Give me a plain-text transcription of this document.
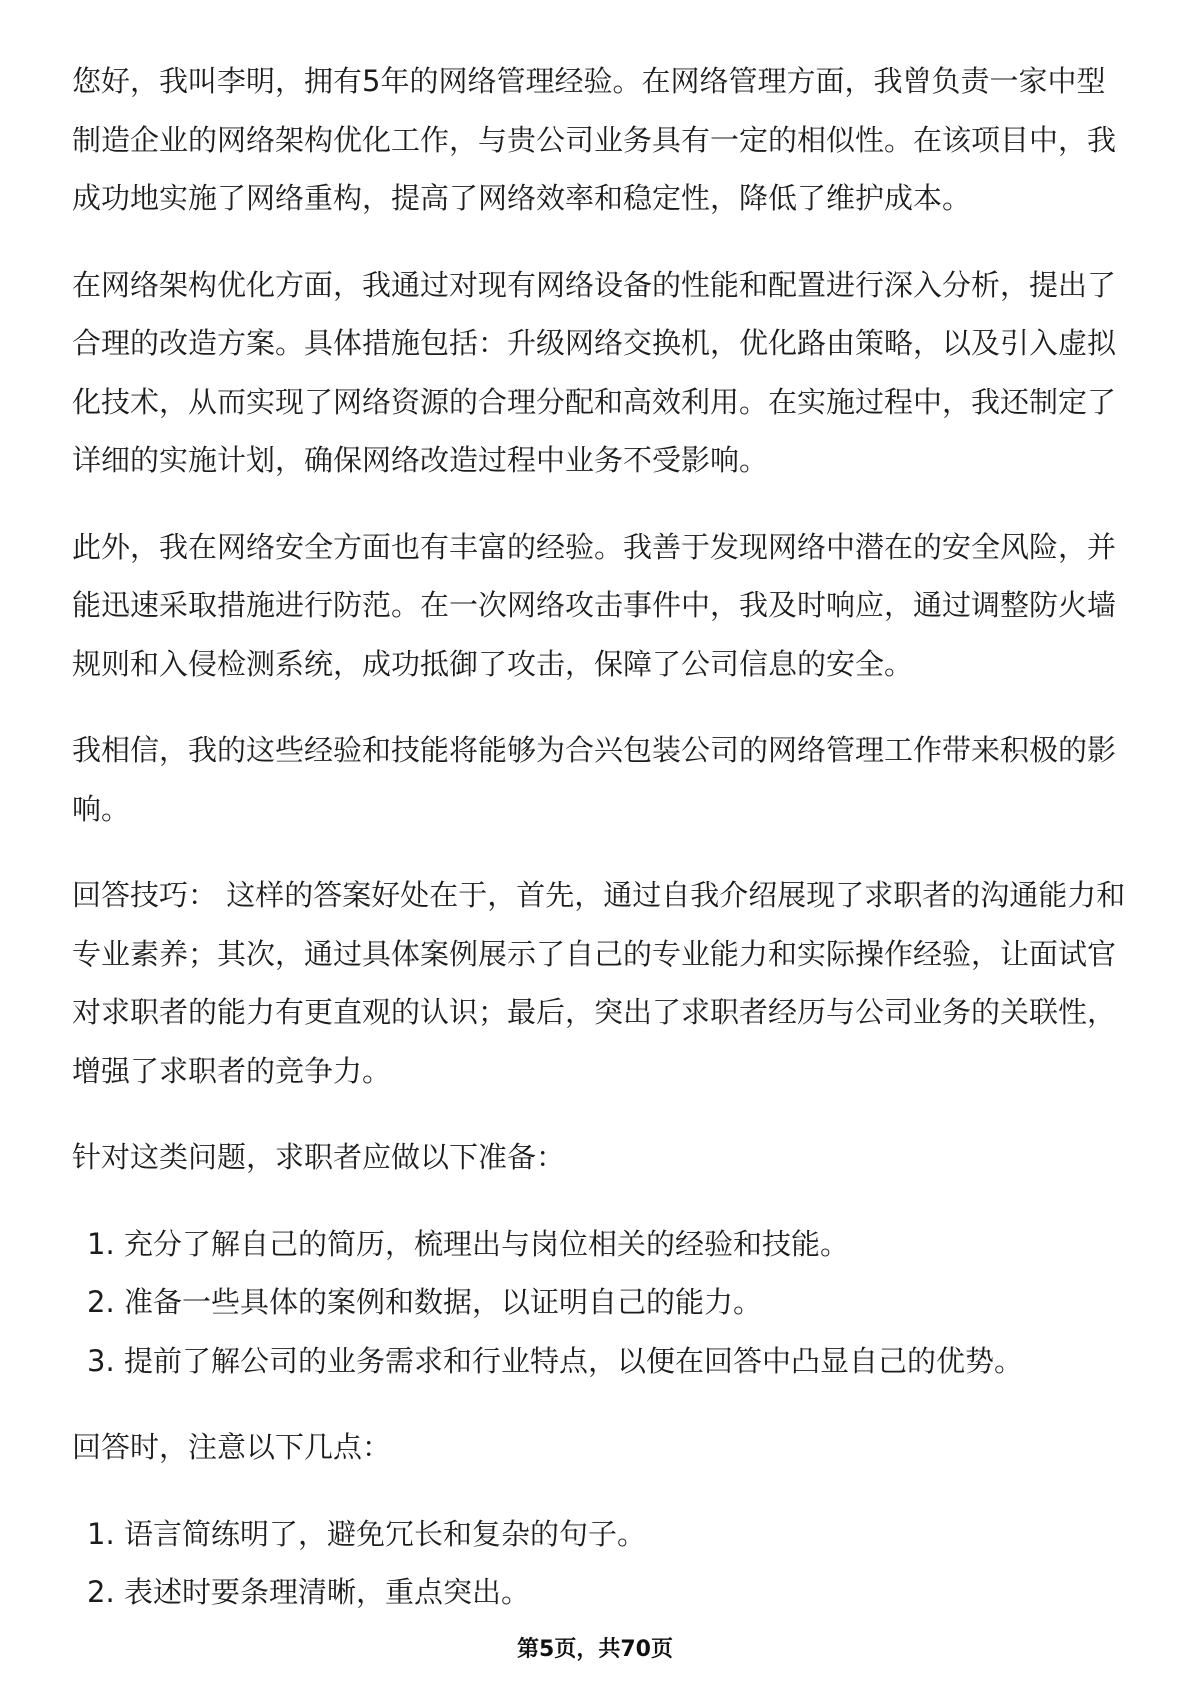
您好，我叫李明，拥有5年的网络管理经验。在网络管理方面，我曾负责一家中型
制造企业的网络架构优化工作，与贵公司业务具有一定的相似性。在该项目中，我
成功地实施了网络重构，提高了网络效率和稳定性，降低了维护成本。
在网络架构优化方面，我通过对现有网络设备的性能和配置进行深入分析，提出了
合理的改造方案。具体措施包括：升级网络交换机，优化路由策略，以及引入虚拟
化技术，从而实现了网络资源的合理分配和高效利用。在实施过程中，我还制定了
详细的实施计划，确保网络改造过程中业务不受影响。
此外，我在网络安全方面也有丰富的经验。我善于发现网络中潜在的安全风险，并
能迅速采取措施进行防范。在一次网络攻击事件中，我及时响应，通过调整防火墙
规则和入侵检测系统，成功抵御了攻击，保障了公司信息的安全。
我相信，我的这些经验和技能将能够为合兴包装公司的网络管理工作带来积极的影
响。
回答技巧： 这样的答案好处在于，首先，通过自我介绍展现了求职者的沟通能力和
专业素养；其次，通过具体案例展示了自己的专业能力和实际操作经验，让面试官
对求职者的能力有更直观的认识；最后，突出了求职者经历与公司业务的关联性，
增强了求职者的竞争力。
针对这类问题，求职者应做以下准备：
1. 充分了解自己的简历，梳理出与岗位相关的经验和技能。
2. 准备一些具体的案例和数据，以证明自己的能力。
3. 提前了解公司的业务需求和行业特点，以便在回答中凸显自己的优势。
回答时，注意以下几点：
1. 语言简练明了，避免冗长和复杂的句子。
2. 表述时要条理清晰，重点突出。
第5页，共70页
